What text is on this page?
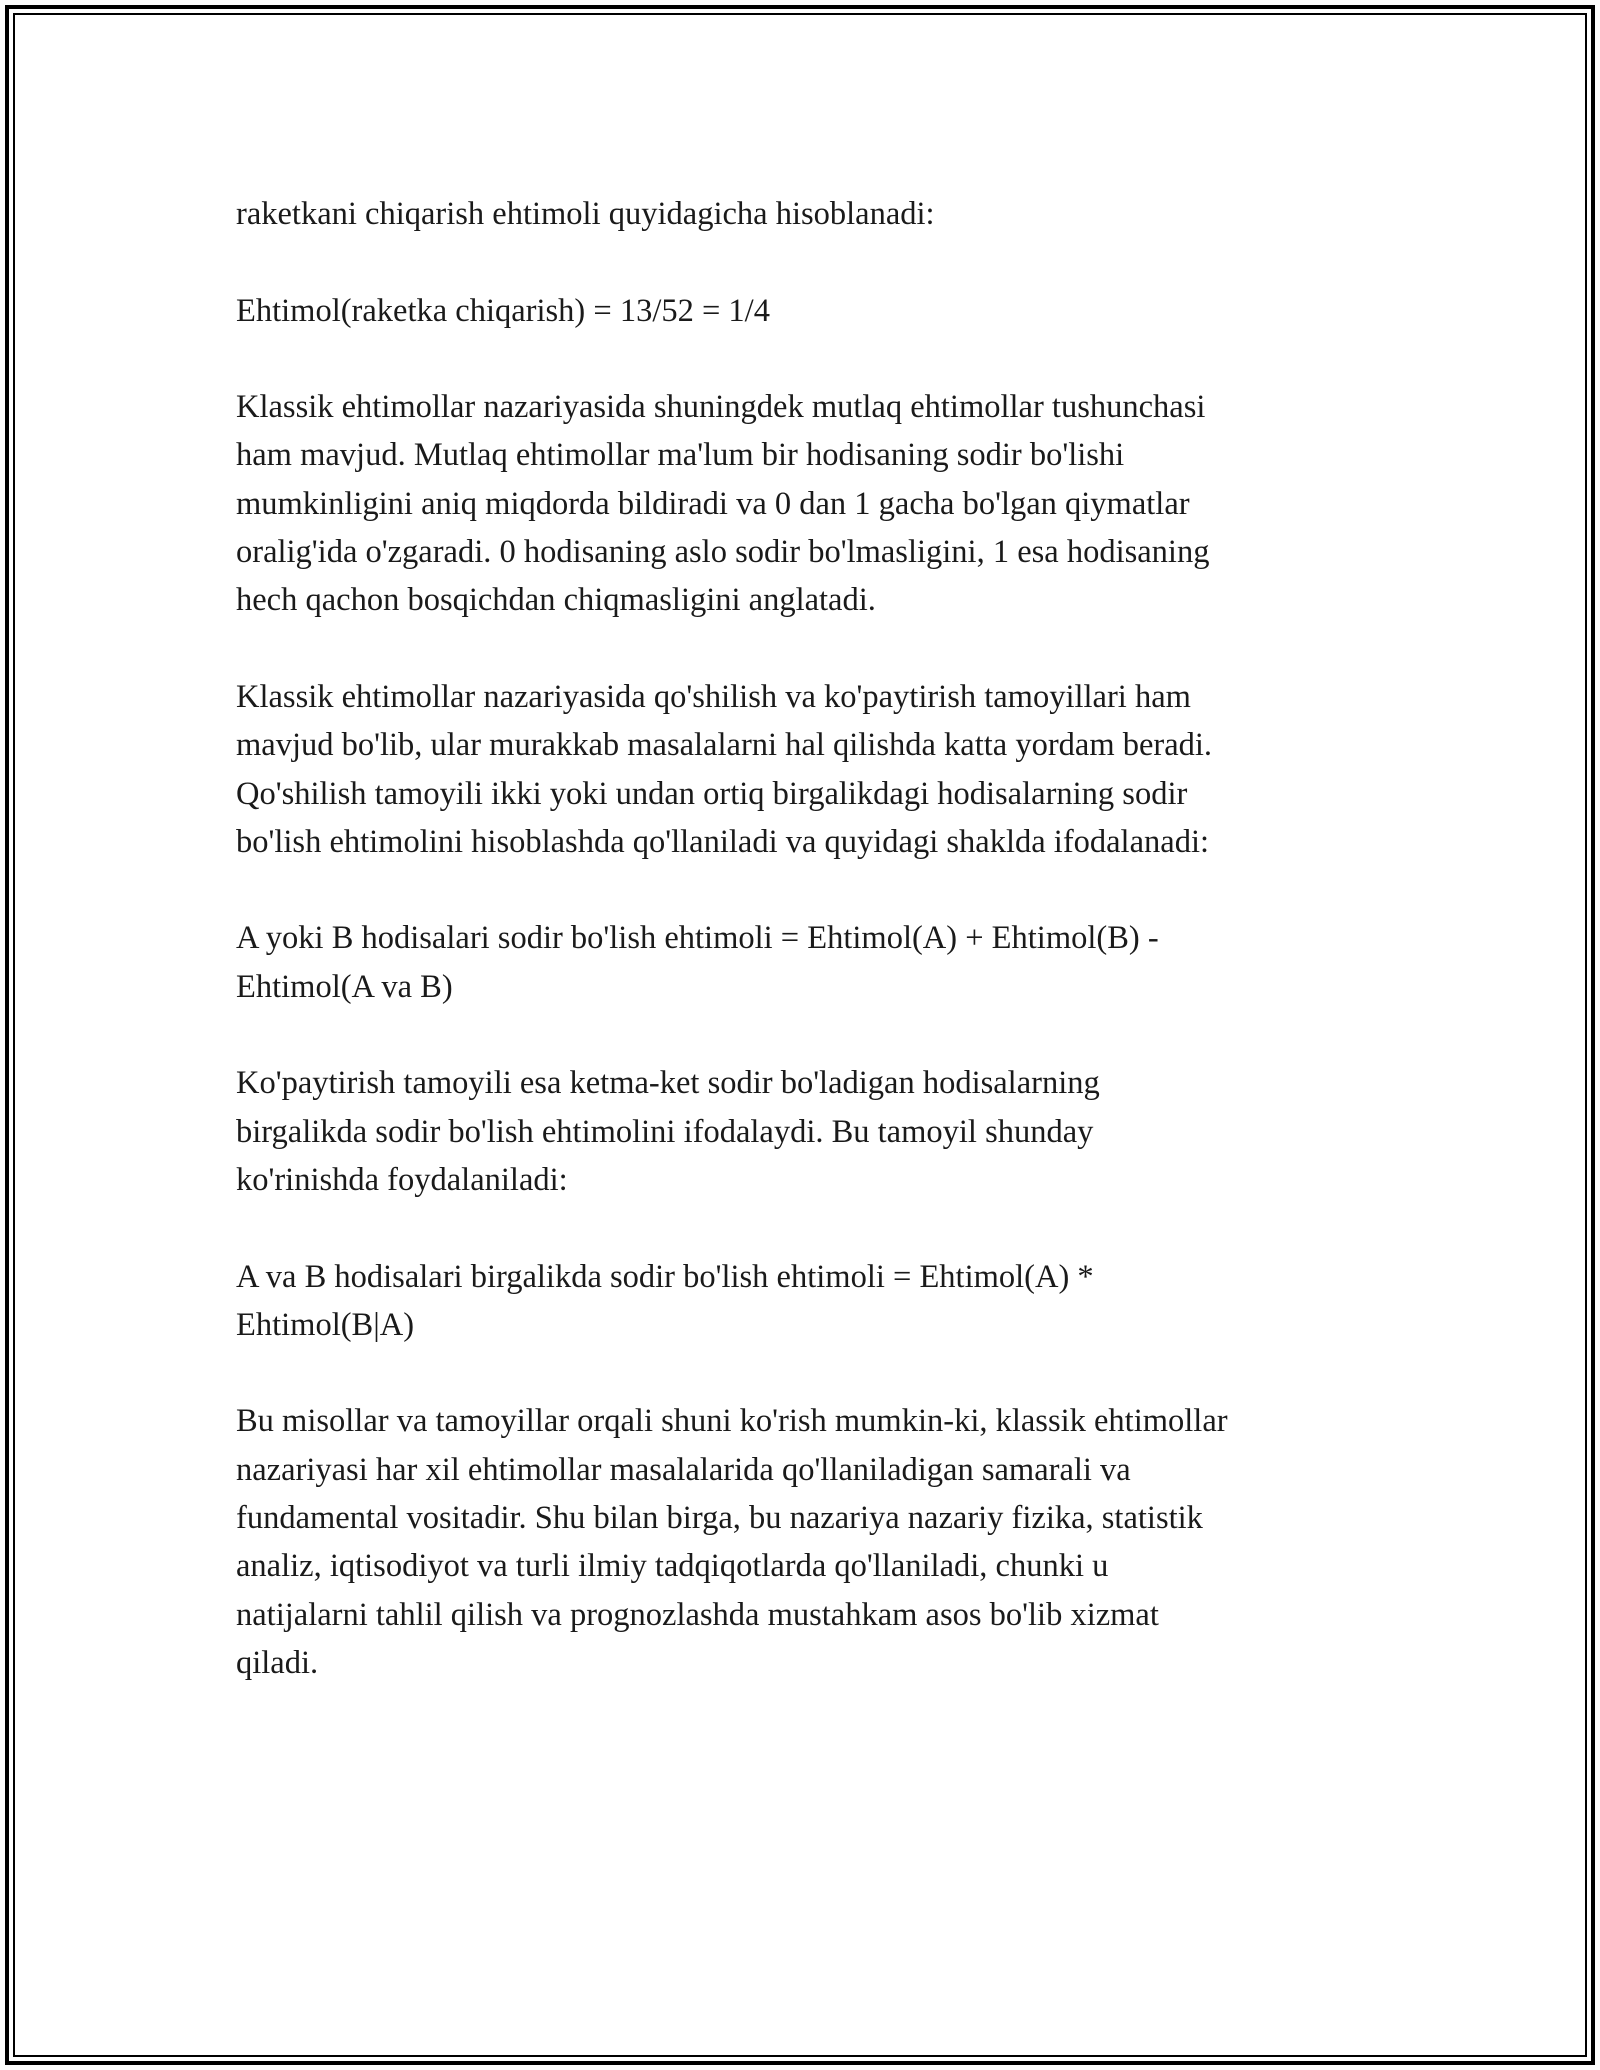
raketkani chiqarish ehtimoli quyidagicha hisoblanadi:

Ehtimol(raketka chiqarish) = 13/52 = 1/4

Klassik ehtimollar nazariyasida shuningdek mutlaq ehtimollar tushunchasi
ham mavjud. Mutlaq ehtimollar ma'lum bir hodisaning sodir bo'lishi
mumkinligini aniq miqdorda bildiradi va 0 dan 1 gacha bo'lgan qiymatlar
oralig'ida o'zgaradi. 0 hodisaning aslo sodir bo'lmasligini, 1 esa hodisaning
hech qachon bosqichdan chiqmasligini anglatadi.

Klassik ehtimollar nazariyasida qo'shilish va ko'paytirish tamoyillari ham
mavjud bo'lib, ular murakkab masalalarni hal qilishda katta yordam beradi.
Qo'shilish tamoyili ikki yoki undan ortiq birgalikdagi hodisalarning sodir
bo'lish ehtimolini hisoblashda qo'llaniladi va quyidagi shaklda ifodalanadi:

A yoki B hodisalari sodir bo'lish ehtimoli = Ehtimol(A) + Ehtimol(B) -
Ehtimol(A va B)

Ko'paytirish tamoyili esa ketma-ket sodir bo'ladigan hodisalarning
birgalikda sodir bo'lish ehtimolini ifodalaydi. Bu tamoyil shunday
ko'rinishda foydalaniladi:

A va B hodisalari birgalikda sodir bo'lish ehtimoli = Ehtimol(A) *
Ehtimol(B|A)

Bu misollar va tamoyillar orqali shuni ko'rish mumkin-ki, klassik ehtimollar
nazariyasi har xil ehtimollar masalalarida qo'llaniladigan samarali va
fundamental vositadir. Shu bilan birga, bu nazariya nazariy fizika, statistik
analiz, iqtisodiyot va turli ilmiy tadqiqotlarda qo'llaniladi, chunki u
natijalarni tahlil qilish va prognozlashda mustahkam asos bo'lib xizmat
qiladi.
